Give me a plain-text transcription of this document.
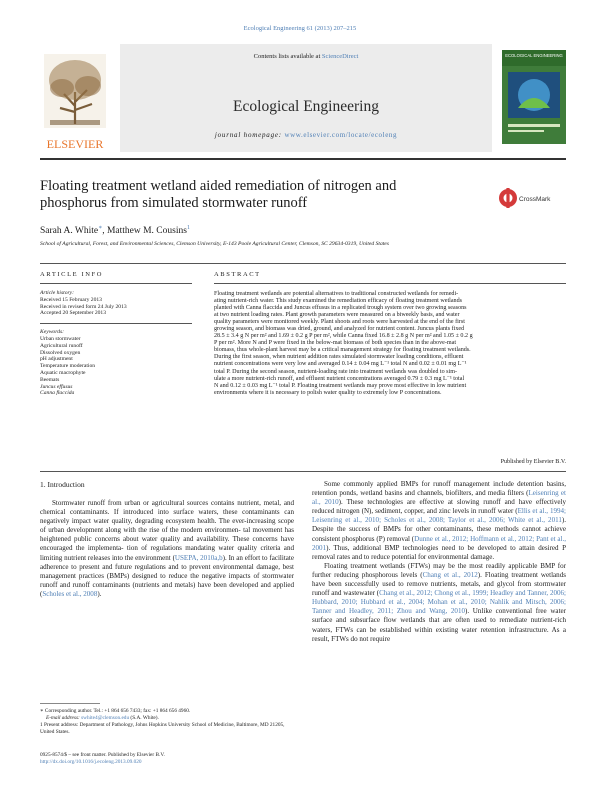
Ecological Engineering 61 (2013) 207–215
ELSEVIER
Contents lists available at ScienceDirect
Ecological Engineering
journal homepage: www.elsevier.com/locate/ecoleng
ECOLOGICAL ENGINEERING
Floating treatment wetland aided remediation of nitrogen and
phosphorus from simulated stormwater runoff	CrossMark
Sarah A. White∗, Matthew M. Cousins$^1$
School of Agricultural, Forest, and Environmental Sciences, Clemson University, E-143 Poole Agricultural Center, Clemson, SC 29634-0319, United States
ARTICLE INFO	ABSTRACT
Article history:
Received 15 February 2013
Received in revised form 24 July 2013
Accepted 20 September 2013
Keywords:
Urban stormwater
Agricultural runoff
Dissolved oxygen
pH adjustment
Temperature moderation
Aquatic macrophyte
Beemats
Juncus effusus
Canna flaccida
Floating treatment wetlands are potential alternatives to traditional constructed wetlands for remedi-
ating nutrient-rich water. This study examined the remediation efficacy of floating treatment wetlands
planted with Canna flaccida and Juncus effusus in a replicated trough system over two growing seasons
at two nutrient loading rates. Plant growth parameters were measured on a biweekly basis, and water
quality parameters were monitored weekly. Plant shoots and roots were harvested at the end of the first
growing season, and biomass was dried, ground, and analyzed for nutrient content. Juncus plants fixed
28.5 ± 3.4 g N per m² and 1.69 ± 0.2 g P per m², while Canna fixed 16.8 ± 2.8 g N per m² and 1.05 ± 0.2 g
P per m². More N and P were fixed in the below-mat biomass of both species than in the above-mat
biomass, thus whole-plant harvest may be a critical management strategy for floating treatment wetlands.
During the first season, when nutrient addition rates simulated stormwater loading conditions, effluent
nutrient concentrations were very low and averaged 0.14 ± 0.04 mg L⁻¹ total N and 0.02 ± 0.01 mg L⁻¹
total P. During the second season, nutrient-loading rate into treatment wetlands was doubled to sim-
ulate a more nutrient-rich runoff, and effluent nutrient concentrations averaged 0.79 ± 0.3 mg L⁻¹ total
N and 0.12 ± 0.03 mg L⁻¹ total P. Floating treatment wetlands may prove most effective in low nutrient
environments where it is necessary to polish water quality to extremely low P concentrations.
Published by Elsevier B.V.
1. Introduction
Stormwater runoff from urban or agricultural sources contains nutrient, metal, and chemical contaminants. If introduced into surface waters, these contaminants can negatively impact water quality, degrading ecosystem health. The ever-increasing scope of urban development along with the rise of the modern environmen- tal movement has heightened public concerns about water quality and availability. These concerns have encouraged the implementa- tion of regulations mandating water quality criteria and limiting nutrient releases into the environment (USEPA, 2010a,b). In an effort to facilitate adherence to present and future regulations and to prevent environmental damage, best management practices (BMPs) designed to reduce the negative impacts of stormwater runoff and runoff contaminants (nutrients and metals) have been developed and applied (Scholes et al., 2008).
Some commonly applied BMPs for runoff management include detention basins, retention ponds, wetland basins and channels, biofilters, and media filters (Leisenring et al., 2010). These technologies are effective at slowing runoff and have effectively reduced nitrogen (N), sediment, copper, and zinc levels in runoff water (Ellis et al., 1994; Leisenring et al., 2010; Scholes et al., 2008; Taylor et al., 2006; White et al., 2011). Despite the success of BMPs for other contaminants, these methods cannot achieve consistent phosphorus (P) removal (Dunne et al., 2012; Hoffmann et al., 2012; Pant et al., 2001). Thus, additional BMP technologies need to be developed to attain desired P removal rates and to reduce potential for environmental damage.
Floating treatment wetlands (FTWs) may be the most readily applicable BMP for further reducing phosphorous levels (Chang et al., 2012). Floating treatment wetlands have been successfully used to remove nutrients, metals, and glycol from stormwater runoff and wastewater (Chang et al., 2012; Chong et al., 1999; Headley and Tanner, 2006; Hubbard, 2010; Hubbard et al., 2004; Mohan et al., 2010; Nahlik and Mitsch, 2006; Tanner and Headley, 2011; Zhou and Wang, 2010). Unlike conventional free water surface and subsurface flow wetlands that are often used to remediate nutrient-rich waters, FTWs can be established within existing water retention infrastructure. As a result, FTWs do not require
∗ Corresponding author. Tel.: +1 864 656 7433; fax: +1 864 656 4960.
E-mail address: swhite4@clemson.edu (S.A. White).
1 Present address: Department of Pathology, Johns Hopkins University School of Medicine, Baltimore, MD 21205, United States.
0925-8574/$ – see front matter. Published by Elsevier B.V.
http://dx.doi.org/10.1016/j.ecoleng.2013.09.020
